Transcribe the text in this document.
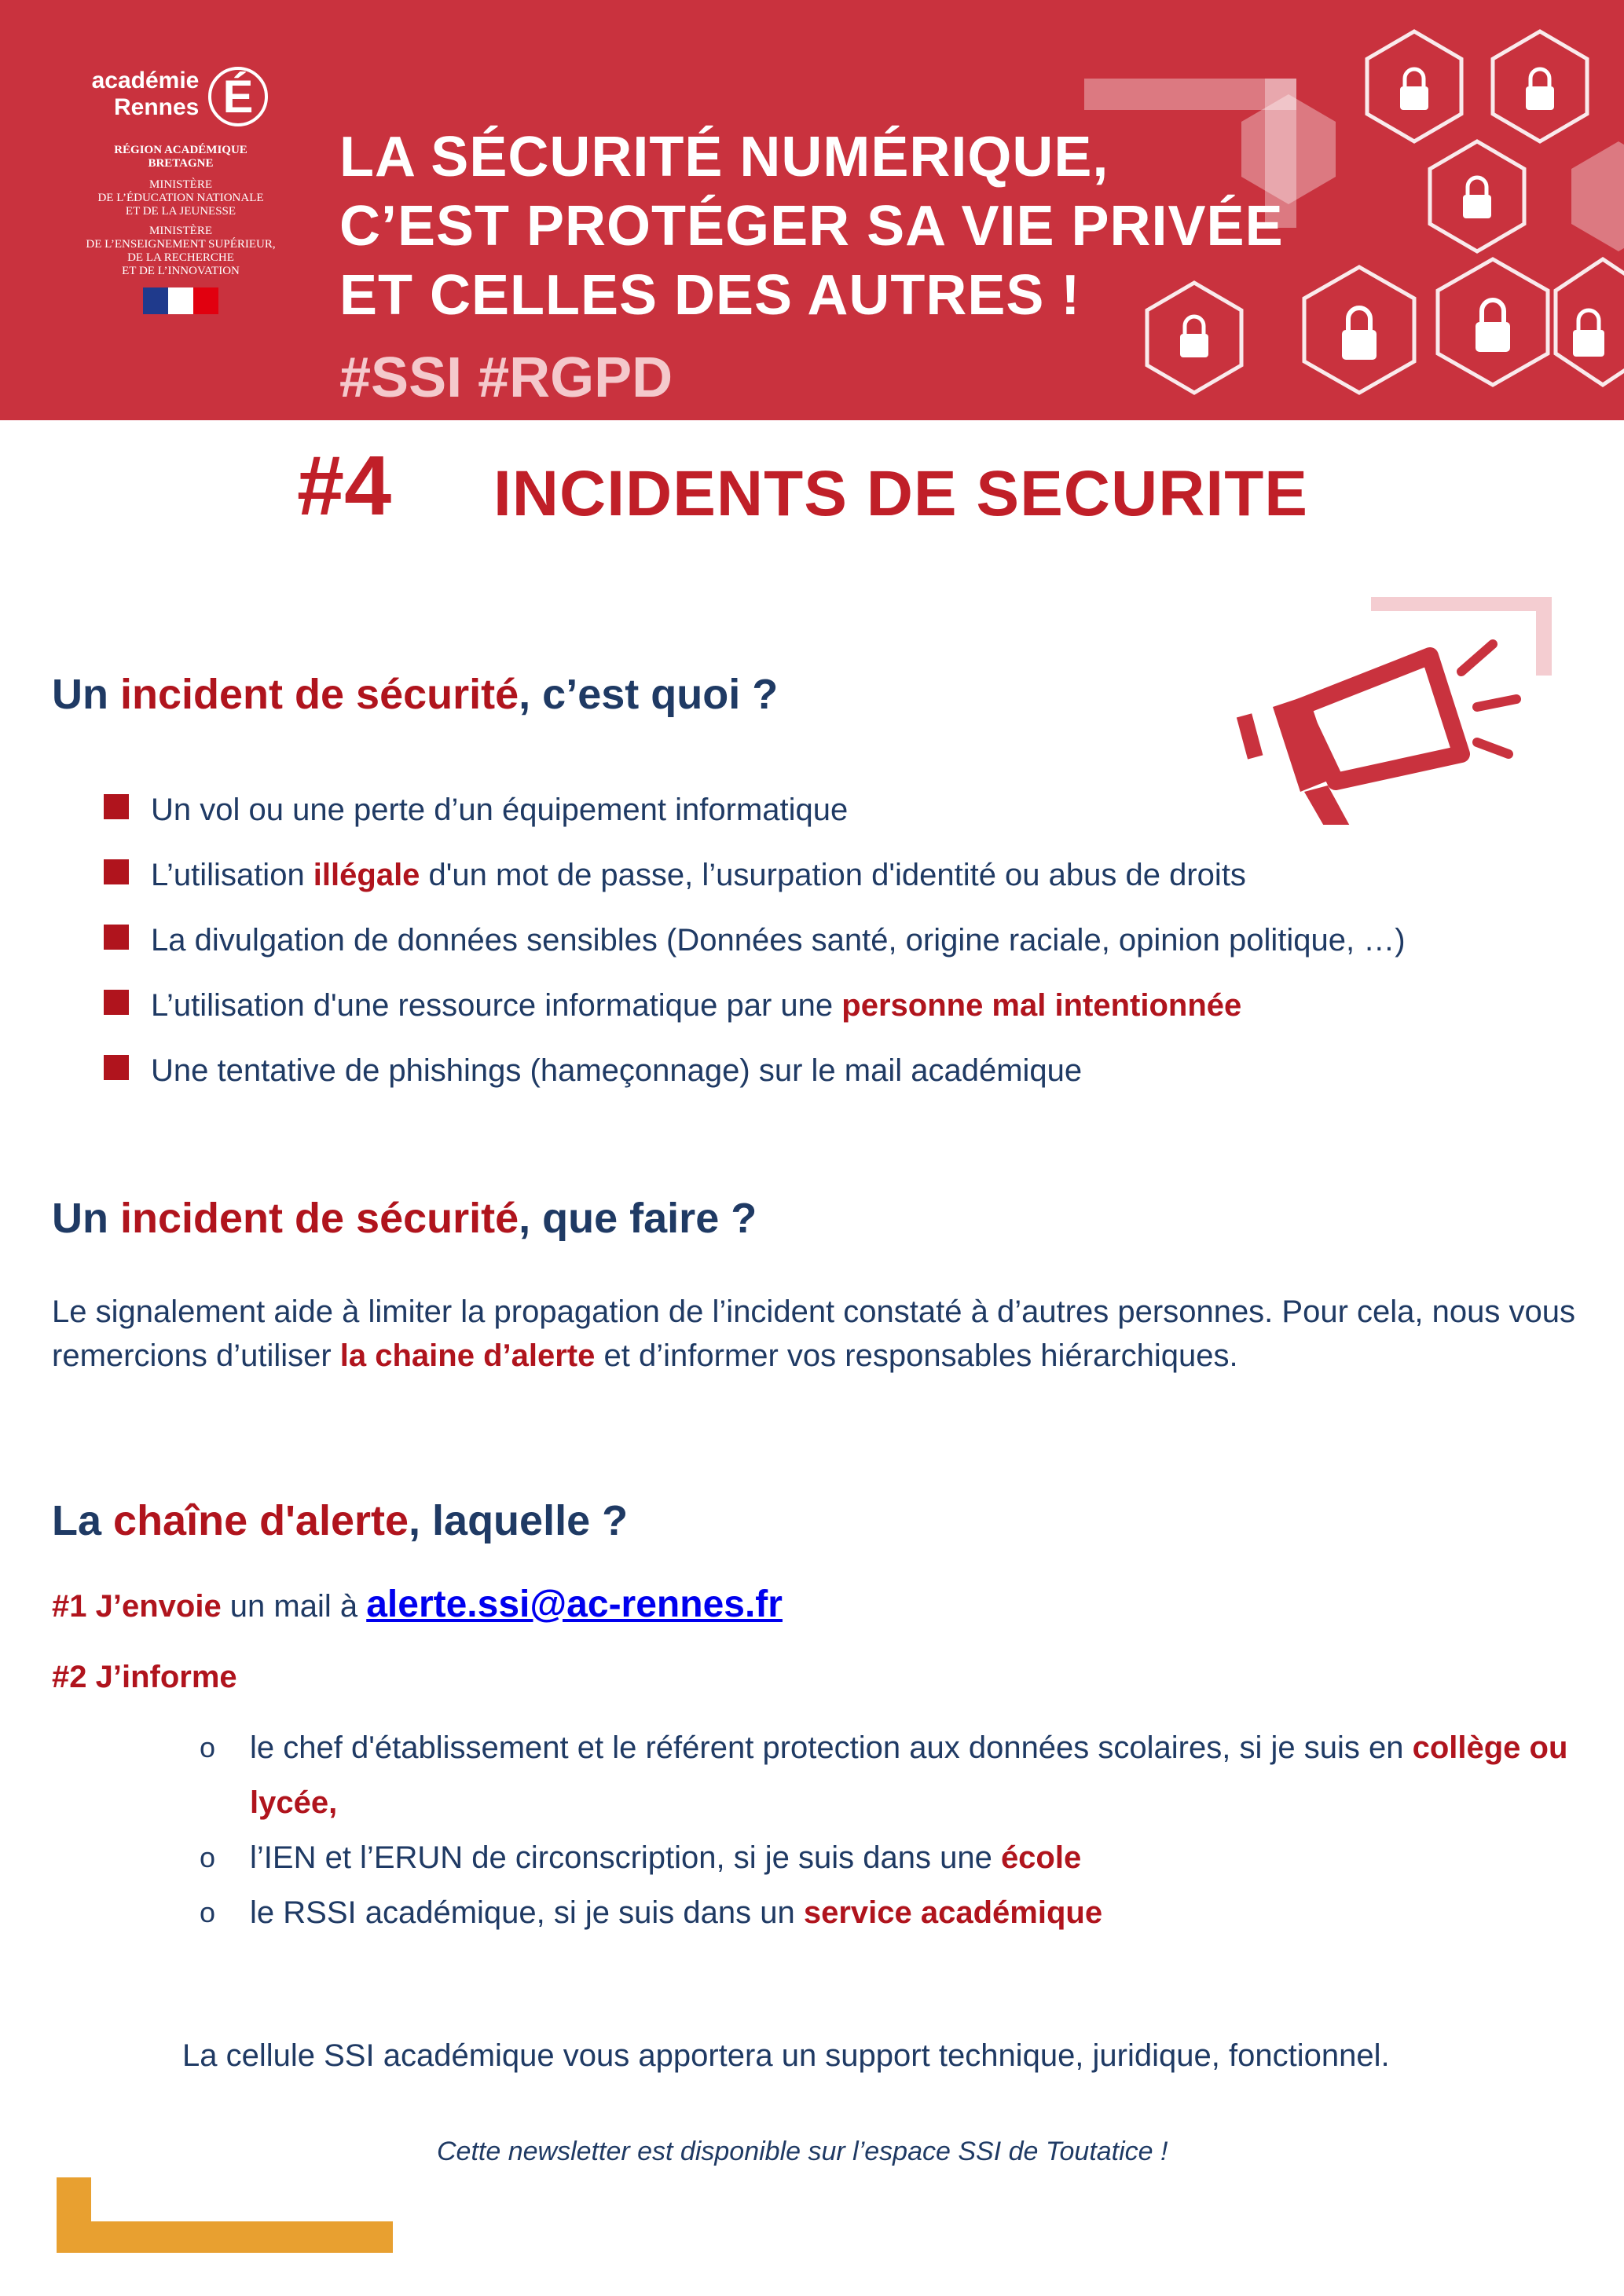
académie
Rennes É
RÉGION ACADÉMIQUE
BRETAGNE
MINISTÈRE
DE L’ÉDUCATION NATIONALE
ET DE LA JEUNESSE
MINISTÈRE
DE L’ENSEIGNEMENT SUPÉRIEUR,
DE LA RECHERCHE
ET DE L’INNOVATION
LA SÉCURITÉ NUMÉRIQUE,
C’EST PROTÉGER SA VIE PRIVÉE
ET CELLES DES AUTRES !
#SSI #RGPD
#4 INCIDENTS DE SECURITE
Un incident de sécurité, c’est quoi ?
Un vol ou une perte d’un équipement informatique
L’utilisation illégale d'un mot de passe, l’usurpation d'identité ou abus de droits
La divulgation de données sensibles (Données santé, origine raciale, opinion politique, …)
L’utilisation d'une ressource informatique par une personne mal intentionnée
Une tentative de phishings (hameçonnage) sur le mail académique
Un incident de sécurité, que faire ?
Le signalement aide à limiter la propagation de l’incident constaté à d’autres personnes. Pour cela, nous vous remercions d’utiliser la chaine d’alerte et d’informer vos responsables hiérarchiques.
La chaîne d'alerte, laquelle ?
#1 J’envoie un mail à alerte.ssi@ac-rennes.fr
#2 J’informe
o le chef d'établissement et le référent protection aux données scolaires, si je suis en collège ou lycée,
o l’IEN et l’ERUN de circonscription, si je suis dans une école
o le RSSI académique, si je suis dans un service académique
La cellule SSI académique vous apportera un support technique, juridique, fonctionnel.
Cette newsletter est disponible sur l’espace SSI de Toutatice !
